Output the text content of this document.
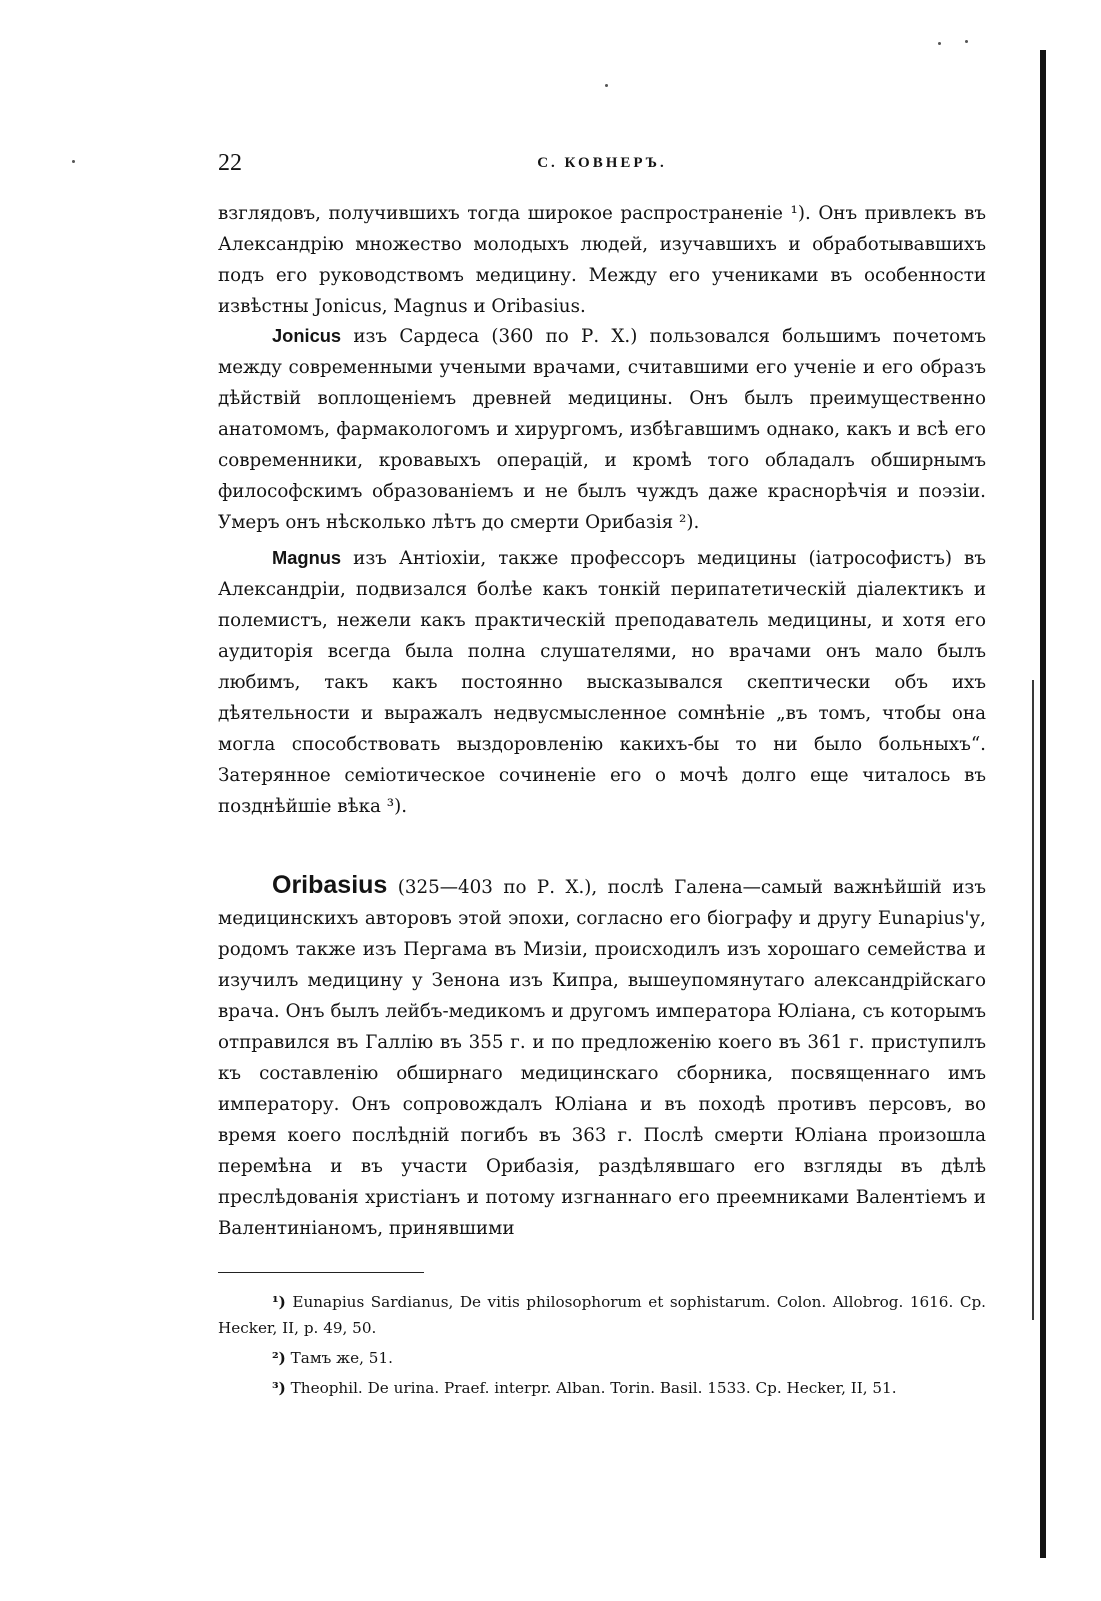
22	С. КОВНЕРЪ.
взглядовъ, получившихъ тогда широкое распространеніе ¹). Онъ привлекъ въ Александрію множество молодыхъ людей, изучавшихъ и обработывавшихъ подъ его руководствомъ медицину. Между его учениками въ особенности извѣстны Jonicus, Magnus и Oribasius.
Jonicus изъ Сардеса (360 по Р. Х.) пользовался большимъ почетомъ между современными учеными врачами, считавшими его ученіе и его образъ дѣйствій воплощеніемъ древней медицины. Онъ былъ преимущественно анатомомъ, фармакологомъ и хирургомъ, избѣгавшимъ однако, какъ и всѣ его современники, кровавыхъ операцій, и кромѣ того обладалъ обширнымъ философскимъ образованіемъ и не былъ чуждъ даже краснорѣчія и поэзіи. Умеръ онъ нѣсколько лѣтъ до смерти Орибазія ²).
Magnus изъ Антіохіи, также профессоръ медицины (іатрософистъ) въ Александріи, подвизался болѣе какъ тонкій перипатетическій діалектикъ и полемистъ, нежели какъ практическій преподаватель медицины, и хотя его аудиторія всегда была полна слушателями, но врачами онъ мало былъ любимъ, такъ какъ постоянно высказывался скептически объ ихъ дѣятельности и выражалъ недвусмысленное сомнѣніе „въ томъ, чтобы она могла способствовать выздоровленію какихъ-бы то ни было больныхъ“. Затерянное семіотическое сочиненіе его о мочѣ долго еще читалось въ позднѣйшіе вѣка ³).
Oribasius (325—403 по Р. Х.), послѣ Галена—самый важнѣйшій изъ медицинскихъ авторовъ этой эпохи, согласно его біографу и другу Eunapius'у, родомъ также изъ Пергама въ Мизіи, происходилъ изъ хорошаго семейства и изучилъ медицину у Зенона изъ Кипра, вышеупомянутаго александрійскаго врача. Онъ былъ лейбъ-медикомъ и другомъ императора Юліана, съ которымъ отправился въ Галлію въ 355 г. и по предложенію коего въ 361 г. приступилъ къ составленію обширнаго медицинскаго сборника, посвященнаго имъ императору. Онъ сопровождалъ Юліана и въ походѣ противъ персовъ, во время коего послѣдній погибъ въ 363 г. Послѣ смерти Юліана произошла перемѣна и въ участи Орибазія, раздѣлявшаго его взгляды въ дѣлѣ преслѣдованія христіанъ и потому изгнаннаго его преемниками Валентіемъ и Валентиніаномъ, принявшими

¹) Eunapius Sardianus, De vitis philosophorum et sophistarum. Colon. Allobrog. 1616. Ср. Hecker, II, p. 49, 50.

²) Тамъ же, 51.

³) Theophil. De urina. Praef. interpr. Alban. Torin. Basil. 1533. Ср. Hecker, II, 51.
